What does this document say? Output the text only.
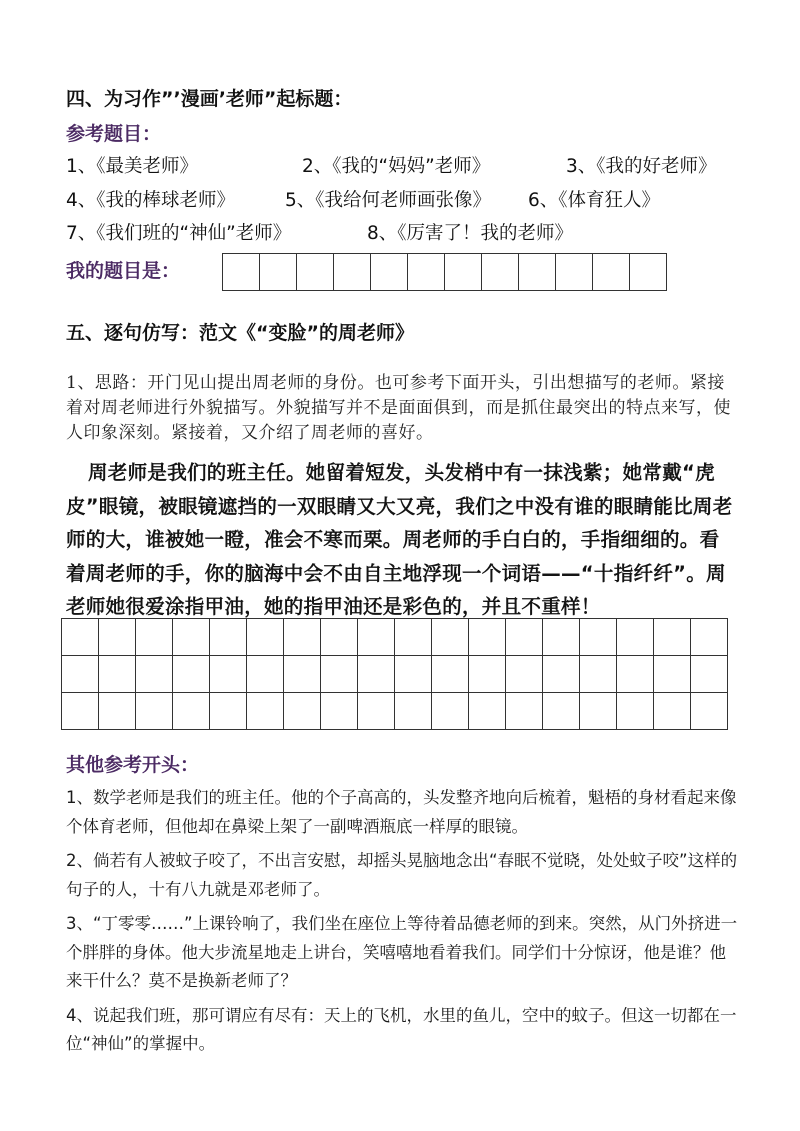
四、为习作”’漫画’老师”起标题：
参考题目：
1、《最美老师》	2、《我的“妈妈”老师》	3、《我的好老师》
4、《我的棒球老师》	5、《我给何老师画张像》 6、《体育狂人》
7、《我们班的“神仙”老师》	8、《厉害了！我的老师》
我的题目是：

五、逐句仿写：范文《“变脸”的周老师》

1、思路：开门见山提出周老师的身份。也可参考下面开头，引出想描写的老师。紧接着对周老师进行外貌描写。外貌描写并不是面面俱到，而是抓住最突出的特点来写，使人印象深刻。紧接着，又介绍了周老师的喜好。

周老师是我们的班主任。她留着短发，头发梢中有一抹浅紫；她常戴“虎皮”眼镜，被眼镜遮挡的一双眼睛又大又亮，我们之中没有谁的眼睛能比周老师的大，谁被她一瞪，准会不寒而栗。周老师的手白白的，手指细细的。看着周老师的手，你的脑海中会不由自主地浮现一个词语——“十指纤纤”。周老师她很爱涂指甲油，她的指甲油还是彩色的，并且不重样！

其他参考开头：

1、数学老师是我们的班主任。他的个子高高的，头发整齐地向后梳着，魁梧的身材看起来像个体育老师，但他却在鼻梁上架了一副啤酒瓶底一样厚的眼镜。

2、倘若有人被蚊子咬了，不出言安慰，却摇头晃脑地念出“春眠不觉晓，处处蚊子咬”这样的句子的人，十有八九就是邓老师了。

3、“丁零零……”上课铃响了，我们坐在座位上等待着品德老师的到来。突然，从门外挤进一个胖胖的身体。他大步流星地走上讲台，笑嘻嘻地看着我们。同学们十分惊讶，他是谁？他来干什么？莫不是换新老师了？

4、说起我们班，那可谓应有尽有：天上的飞机，水里的鱼儿，空中的蚊子。但这一切都在一位“神仙”的掌握中。
